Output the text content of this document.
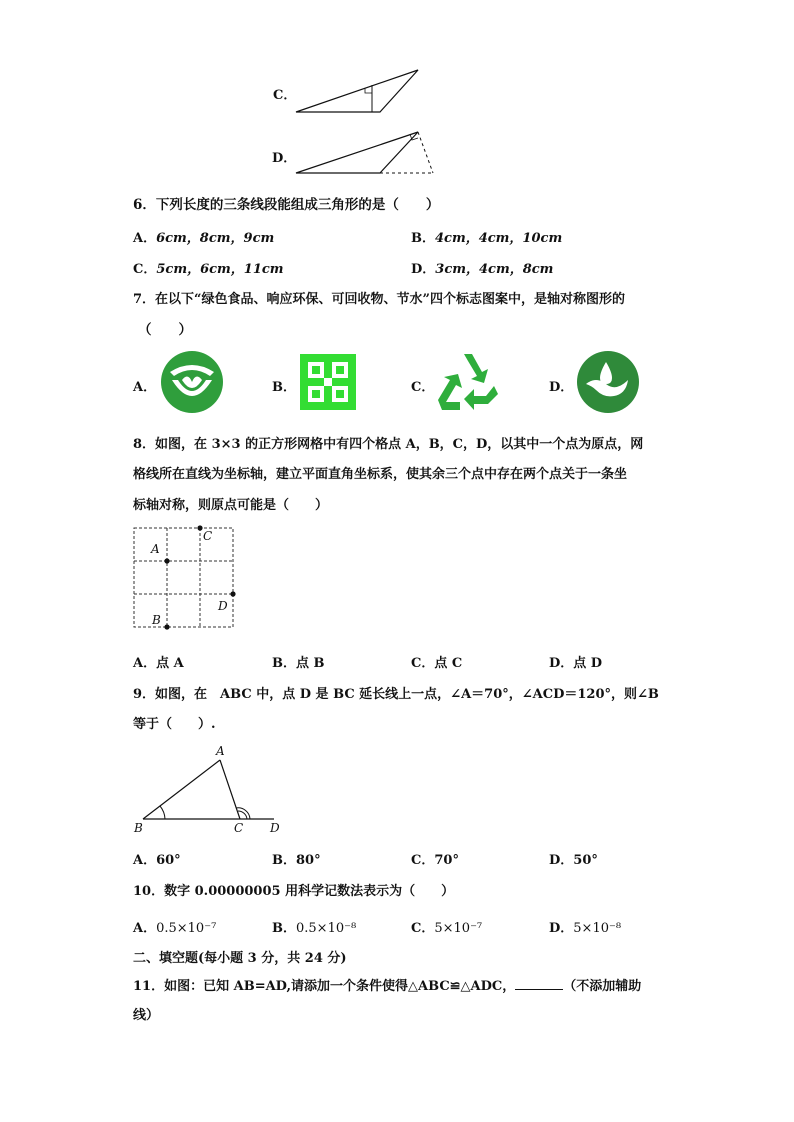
C．
D．
6．下列长度的三条线段能组成三角形的是（　　）
A．6cm，8cm，9cm	B．4cm，4cm，10cm
C．5cm，6cm，11cm	D．3cm，4cm，8cm
7．在以下“绿色食品、响应环保、可回收物、节水”四个标志图案中，是轴对称图形的
（　　）
A．	B．	C．	D．
8．如图，在 3×3 的正方形网格中有四个格点 A，B，C，D，以其中一个点为原点，网
格线所在直线为坐标轴，建立平面直角坐标系，使其余三个点中存在两个点关于一条坐
标轴对称，则原点可能是（　　）
C
A
D
B
A．点 A	B．点 B	C．点 C	D．点 D
9．如图，在　ABC 中，点 D 是 BC 延长线上一点，∠A＝70°，∠ACD＝120°，则∠B
等于（　　）.
A
B	C D
A．60°	B．80°	C．70°	D．50°
10．数字 0.00000005 用科学记数法表示为（　　）
A．0.5×10⁻⁷	B．0.5×10⁻⁸	C．5×10⁻⁷	D．5×10⁻⁸
二、填空题(每小题 3 分，共 24 分)
11．如图：已知 AB=AD,请添加一个条件使得△ABC≌△ADC，	（不添加辅助
线）
